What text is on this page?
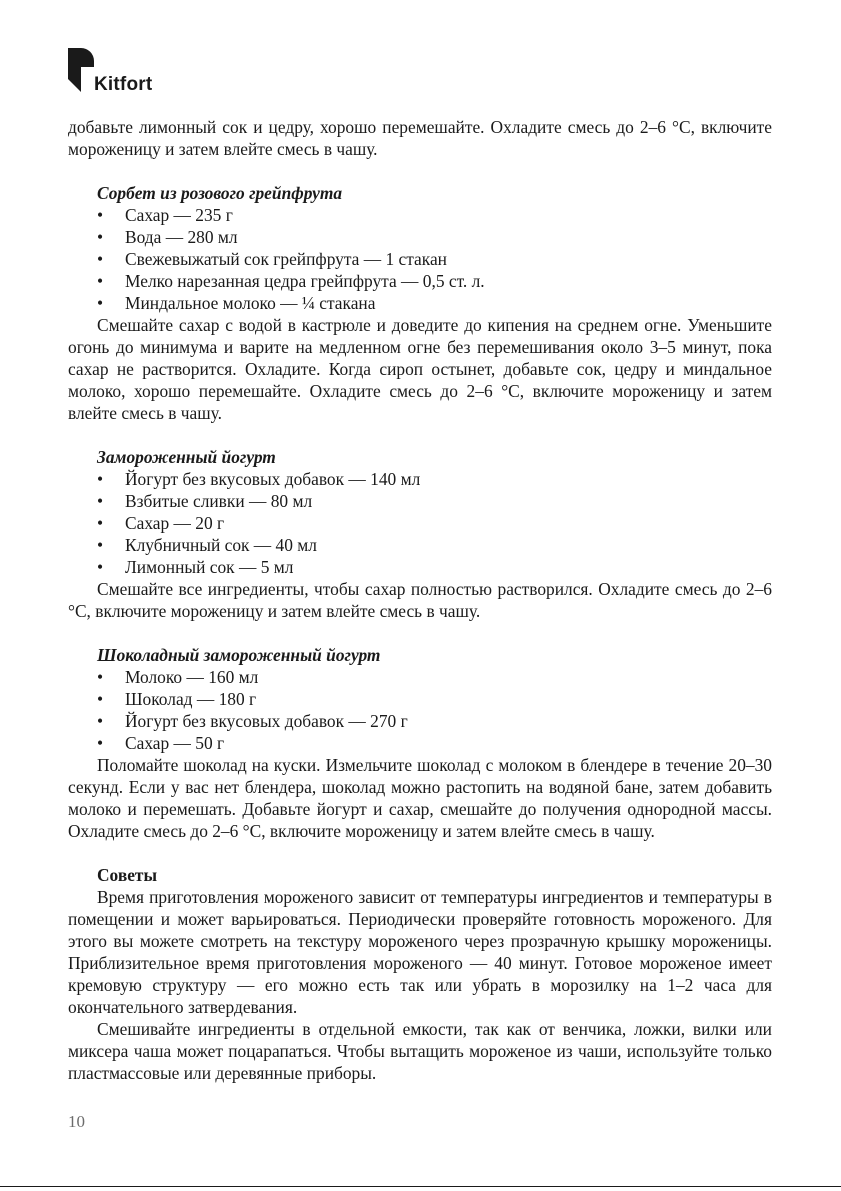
Kitfort

добавьте лимонный сок и цедру, хорошо перемешайте. Охладите смесь до 2–6 °С, включите мороженицу и затем влейте смесь в чашу.

Сорбет из розового грейпфрута

• Сахар — 235 г
• Вода — 280 мл
• Свежевыжатый сок грейпфрута — 1 стакан
• Мелко нарезанная цедра грейпфрута — 0,5 ст. л.
• Миндальное молоко — ¼ стакана

Смешайте сахар с водой в кастрюле и доведите до кипения на среднем огне. Уменьшите огонь до минимума и варите на медленном огне без перемешивания около 3–5 минут, пока сахар не растворится. Охладите. Когда сироп остынет, добавьте сок, цедру и миндальное молоко, хорошо перемешайте. Охладите смесь до 2–6 °С, включите мороженицу и затем влейте смесь в чашу.

Замороженный йогурт

• Йогурт без вкусовых добавок — 140 мл
• Взбитые сливки — 80 мл
• Сахар — 20 г
• Клубничный сок — 40 мл
• Лимонный сок — 5 мл

Смешайте все ингредиенты, чтобы сахар полностью растворился. Охладите смесь до 2–6 °С, включите мороженицу и затем влейте смесь в чашу.

Шоколадный замороженный йогурт

• Молоко — 160 мл
• Шоколад — 180 г
• Йогурт без вкусовых добавок — 270 г
• Сахар — 50 г

Поломайте шоколад на куски. Измельчите шоколад с молоком в блендере в течение 20–30 секунд. Если у вас нет блендера, шоколад можно растопить на водяной бане, затем добавить молоко и перемешать. Добавьте йогурт и сахар, смешайте до получения однородной массы. Охладите смесь до 2–6 °С, включите мороженицу и затем влейте смесь в чашу.

Советы

Время приготовления мороженого зависит от температуры ингредиентов и температуры в помещении и может варьироваться. Периодически проверяйте готовность мороженого. Для этого вы можете смотреть на текстуру мороженого через прозрачную крышку мороженицы. Приблизительное время приготовления мороженого — 40 минут. Готовое мороженое имеет кремовую структуру — его можно есть так или убрать в морозилку на 1–2 часа для окончательного затвердевания.

Смешивайте ингредиенты в отдельной емкости, так как от венчика, ложки, вилки или миксера чаша может поцарапаться. Чтобы вытащить мороженое из чаши, используйте только пластмассовые или деревянные приборы.

10
